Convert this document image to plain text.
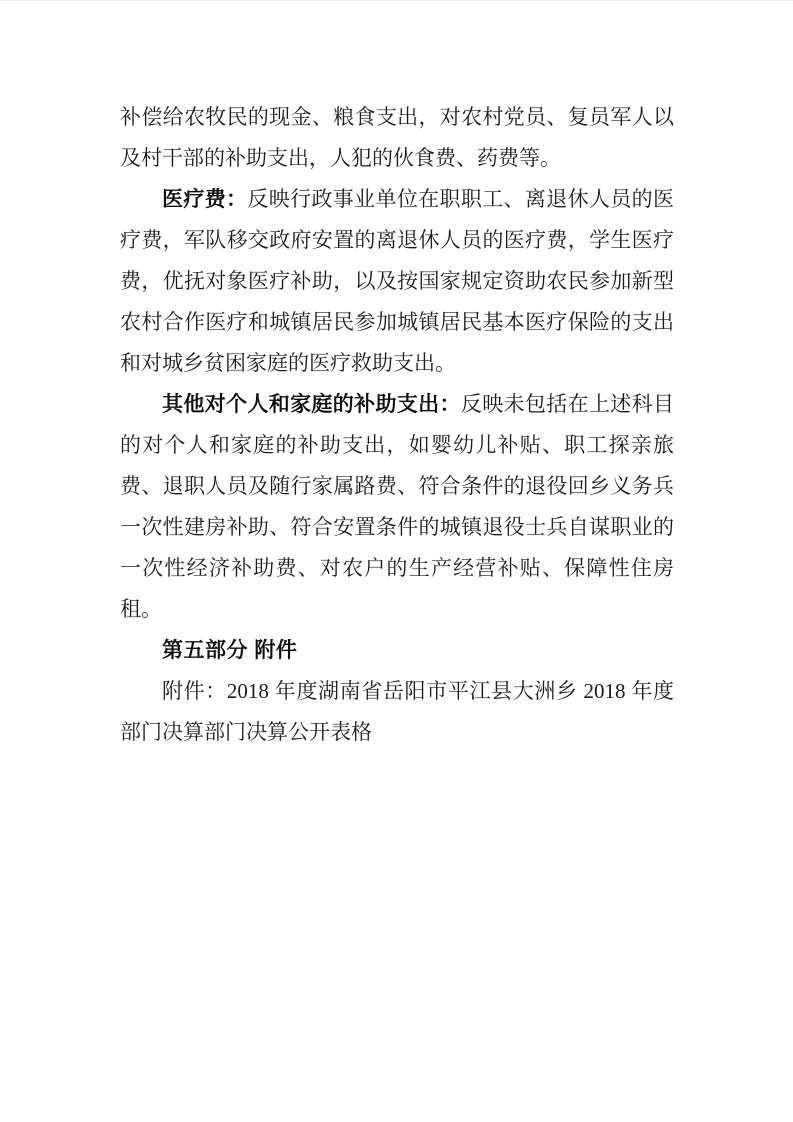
补偿给农牧民的现金、粮食支出，对农村党员、复员军人以及村干部的补助支出，人犯的伙食费、药费等。

医疗费：反映行政事业单位在职职工、离退休人员的医疗费，军队移交政府安置的离退休人员的医疗费，学生医疗费，优抚对象医疗补助，以及按国家规定资助农民参加新型农村合作医疗和城镇居民参加城镇居民基本医疗保险的支出和对城乡贫困家庭的医疗救助支出。

其他对个人和家庭的补助支出：反映未包括在上述科目的对个人和家庭的补助支出，如婴幼儿补贴、职工探亲旅费、退职人员及随行家属路费、符合条件的退役回乡义务兵一次性建房补助、符合安置条件的城镇退役士兵自谋职业的一次性经济补助费、对农户的生产经营补贴、保障性住房租。

第五部分 附件

附件：2018 年度湖南省岳阳市平江县大洲乡 2018 年度部门决算部门决算公开表格
